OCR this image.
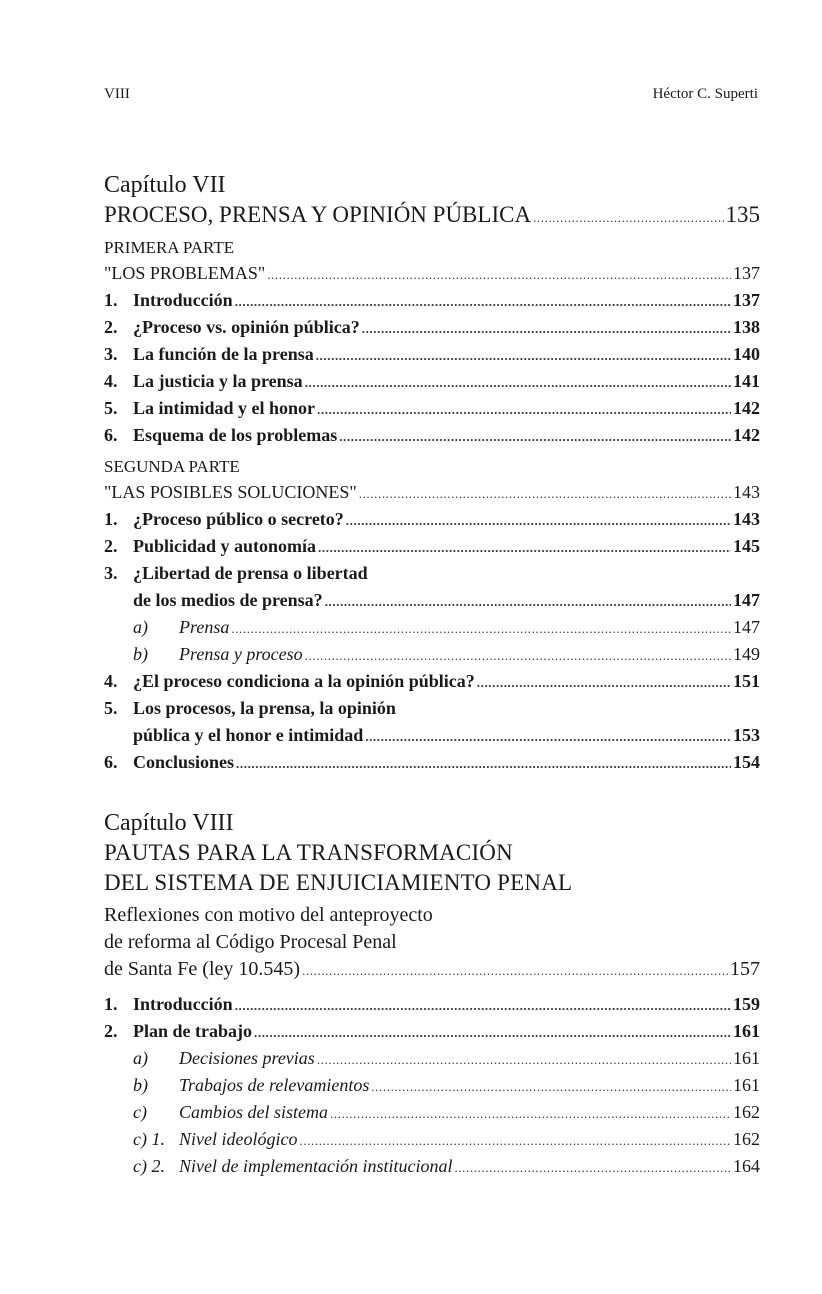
VIII	Héctor C. Superti
Capítulo VII
PROCESO, PRENSA Y OPINIÓN PÚBLICA .....	135
PRIMERA PARTE
"LOS PROBLEMAS" .....	137
1. Introducción .....	137
2. ¿Proceso vs. opinión pública? .....	138
3. La función de la prensa .....	140
4. La justicia y la prensa .....	141
5. La intimidad y el honor .....	142
6. Esquema de los problemas .....	142
SEGUNDA PARTE
"LAS POSIBLES SOLUCIONES" .....	143
1. ¿Proceso público o secreto? .....	143
2. Publicidad y autonomía .....	145
3. ¿Libertad de prensa o libertad
de los medios de prensa? .....	147
a) Prensa .....	147
b) Prensa y proceso .....	149
4. ¿El proceso condiciona a la opinión pública? .....	151
5. Los procesos, la prensa, la opinión
pública y el honor e intimidad .....	153
6. Conclusiones .....	154
Capítulo VIII
PAUTAS PARA LA TRANSFORMACIÓN
DEL SISTEMA DE ENJUICIAMIENTO PENAL
Reflexiones con motivo del anteproyecto
de reforma al Código Procesal Penal
de Santa Fe (ley 10.545) .....	157
1. Introducción .....	159
2. Plan de trabajo .....	161
a) Decisiones previas .....	161
b) Trabajos de relevamientos .....	161
c) Cambios del sistema .....	162
c) 1. Nivel ideológico .....	162
c) 2. Nivel de implementación institucional .....	164
